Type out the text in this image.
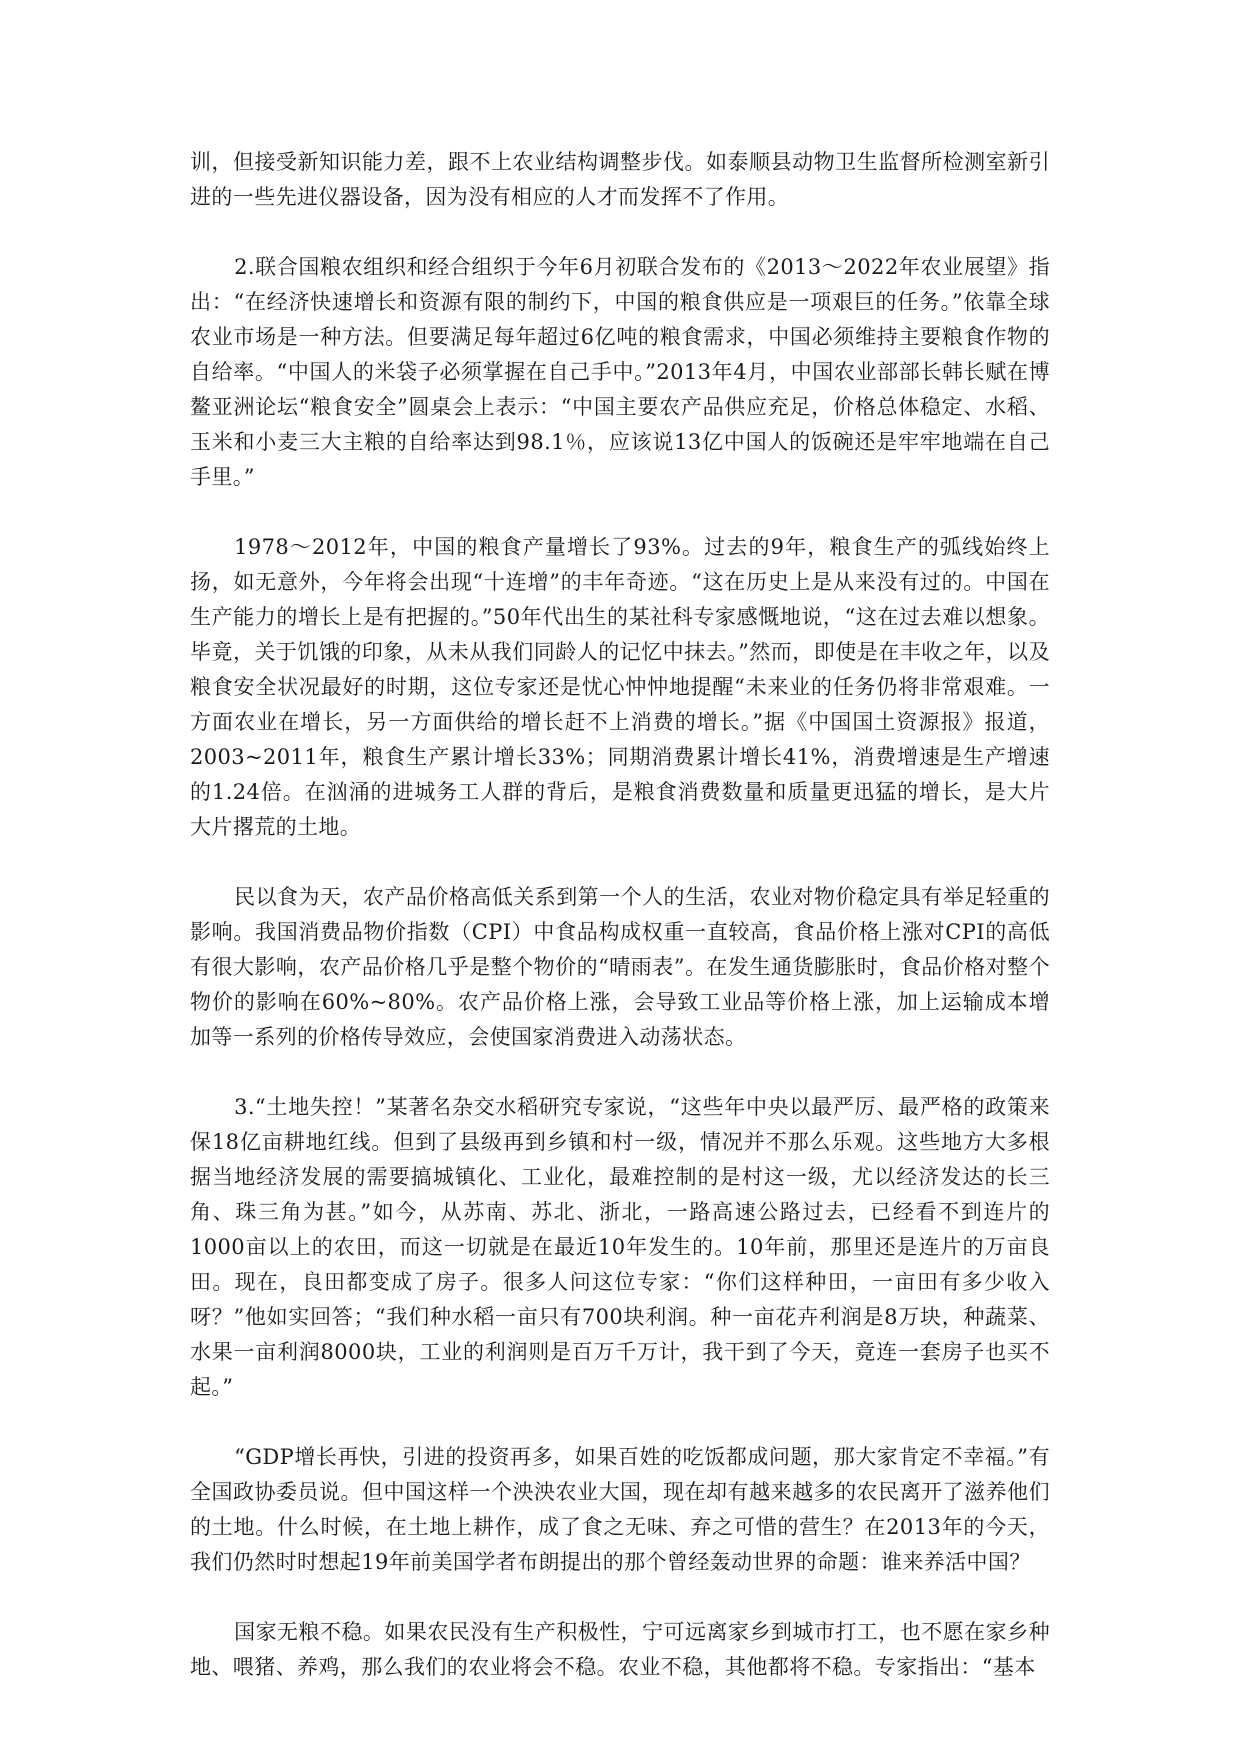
训，但接受新知识能力差，跟不上农业结构调整步伐。如泰顺县动物卫生监督所检测室新引进的一些先进仪器设备，因为没有相应的人才而发挥不了作用。

2.联合国粮农组织和经合组织于今年6月初联合发布的《2013～2022年农业展望》指出：“在经济快速增长和资源有限的制约下，中国的粮食供应是一项艰巨的任务。”依靠全球农业市场是一种方法。但要满足每年超过6亿吨的粮食需求，中国必须维持主要粮食作物的自给率。“中国人的米袋子必须掌握在自己手中。”2013年4月，中国农业部部长韩长赋在博鳌亚洲论坛“粮食安全”圆桌会上表示：“中国主要农产品供应充足，价格总体稳定、水稻、玉米和小麦三大主粮的自给率达到98.1％，应该说13亿中国人的饭碗还是牢牢地端在自己手里。”

1978～2012年，中国的粮食产量增长了93%。过去的9年，粮食生产的弧线始终上扬，如无意外，今年将会出现“十连增”的丰年奇迹。“这在历史上是从来没有过的。中国在生产能力的增长上是有把握的。”50年代出生的某社科专家感慨地说，“这在过去难以想象。毕竟，关于饥饿的印象，从未从我们同龄人的记忆中抹去。”然而，即使是在丰收之年，以及粮食安全状况最好的时期，这位专家还是忧心忡忡地提醒“未来业的任务仍将非常艰难。一方面农业在增长，另一方面供给的增长赶不上消费的增长。”据《中国国土资源报》报道，2003~2011年，粮食生产累计增长33%；同期消费累计增长41%，消费增速是生产增速的1.24倍。在汹涌的进城务工人群的背后，是粮食消费数量和质量更迅猛的增长，是大片大片撂荒的土地。

民以食为天，农产品价格高低关系到第一个人的生活，农业对物价稳定具有举足轻重的影响。我国消费品物价指数（CPI）中食品构成权重一直较高，食品价格上涨对CPI的高低有很大影响，农产品价格几乎是整个物价的“晴雨表”。在发生通货膨胀时，食品价格对整个物价的影响在60%~80%。农产品价格上涨，会导致工业品等价格上涨，加上运输成本增加等一系列的价格传导效应，会使国家消费进入动荡状态。

3.“土地失控！”某著名杂交水稻研究专家说，“这些年中央以最严厉、最严格的政策来保18亿亩耕地红线。但到了县级再到乡镇和村一级，情况并不那么乐观。这些地方大多根据当地经济发展的需要搞城镇化、工业化，最难控制的是村这一级，尤以经济发达的长三角、珠三角为甚。”如今，从苏南、苏北、浙北，一路高速公路过去，已经看不到连片的1000亩以上的农田，而这一切就是在最近10年发生的。10年前，那里还是连片的万亩良田。现在，良田都变成了房子。很多人问这位专家：“你们这样种田，一亩田有多少收入呀？”他如实回答；“我们种水稻一亩只有700块利润。种一亩花卉利润是8万块，种蔬菜、水果一亩利润8000块，工业的利润则是百万千万计，我干到了今天，竟连一套房子也买不起。”

“GDP增长再快，引进的投资再多，如果百姓的吃饭都成问题，那大家肯定不幸福。”有全国政协委员说。但中国这样一个泱泱农业大国，现在却有越来越多的农民离开了滋养他们的土地。什么时候，在土地上耕作，成了食之无味、弃之可惜的营生？在2013年的今天，我们仍然时时想起19年前美国学者布朗提出的那个曾经轰动世界的命题：谁来养活中国？

国家无粮不稳。如果农民没有生产积极性，宁可远离家乡到城市打工，也不愿在家乡种地、喂猪、养鸡，那么我们的农业将会不稳。农业不稳，其他都将不稳。专家指出：“基本
